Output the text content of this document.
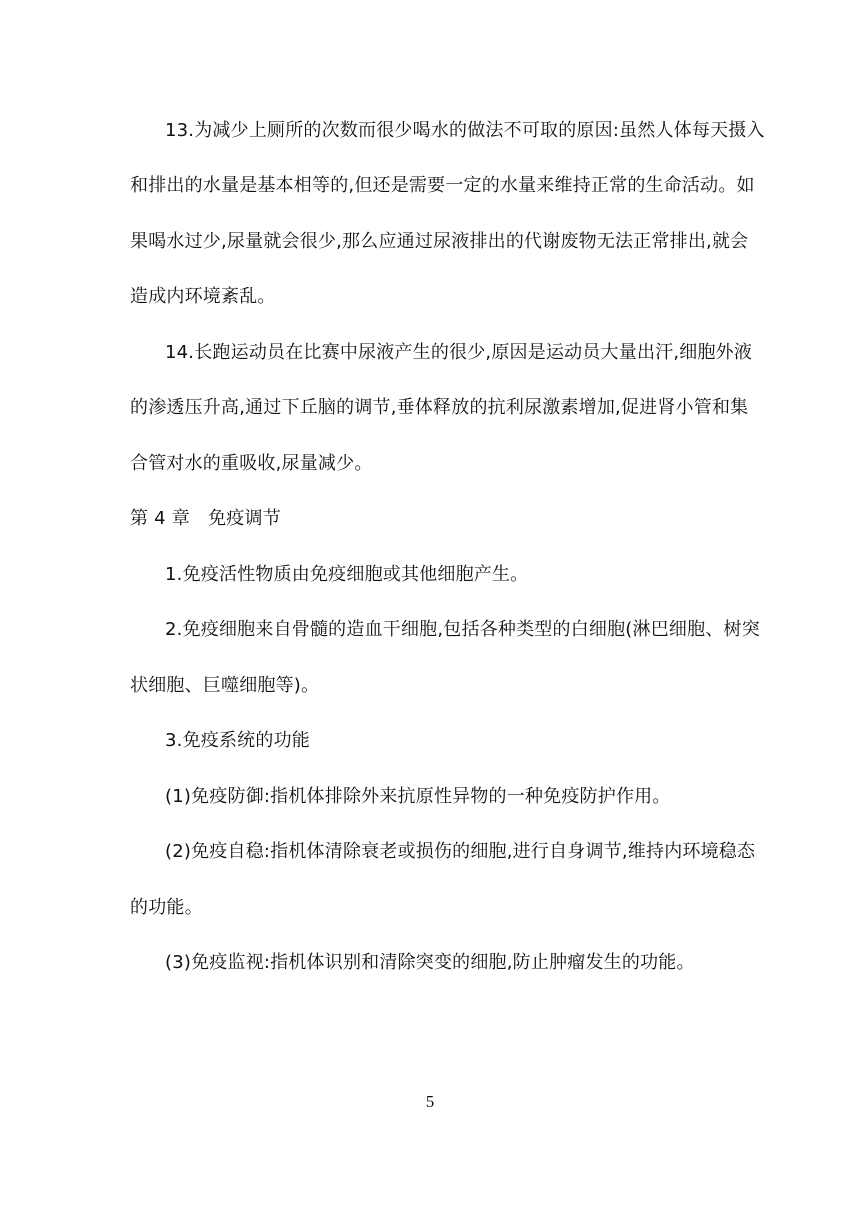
13.为减少上厕所的次数而很少喝水的做法不可取的原因:虽然人体每天摄入
和排出的水量是基本相等的,但还是需要一定的水量来维持正常的生命活动。如
果喝水过少,尿量就会很少,那么应通过尿液排出的代谢废物无法正常排出,就会
造成内环境紊乱。
14.长跑运动员在比赛中尿液产生的很少,原因是运动员大量出汗,细胞外液
的渗透压升高,通过下丘脑的调节,垂体释放的抗利尿激素增加,促进肾小管和集
合管对水的重吸收,尿量减少。
第 4 章　免疫调节
1.免疫活性物质由免疫细胞或其他细胞产生。
2.免疫细胞来自骨髓的造血干细胞,包括各种类型的白细胞(淋巴细胞、树突
状细胞、巨噬细胞等)。
3.免疫系统的功能
(1)免疫防御:指机体排除外来抗原性异物的一种免疫防护作用。
(2)免疫自稳:指机体清除衰老或损伤的细胞,进行自身调节,维持内环境稳态
的功能。
(3)免疫监视:指机体识别和清除突变的细胞,防止肿瘤发生的功能。
5
